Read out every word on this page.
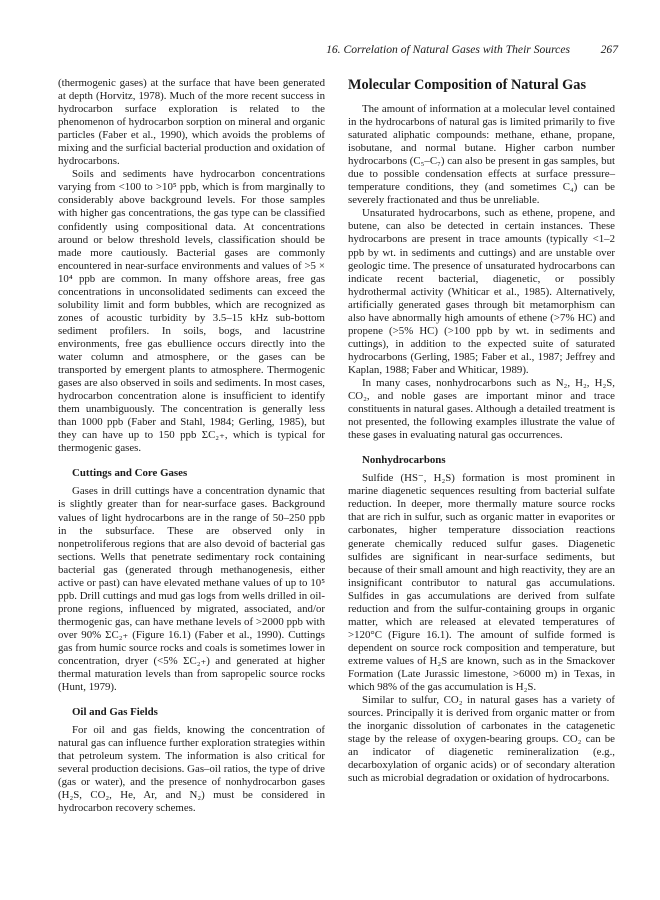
16. Correlation of Natural Gases with Their Sources	267

(thermogenic gases) at the surface that have been generated at depth (Horvitz, 1978). Much of the more recent success in hydrocarbon surface exploration is related to the phenomenon of hydrocarbon sorption on mineral and organic particles (Faber et al., 1990), which avoids the problems of mixing and the surficial bacterial production and oxidation of hydrocarbons.

Soils and sediments have hydrocarbon concentrations varying from <100 to >10⁵ ppb, which is from marginally to considerably above background levels. For those samples with higher gas concentrations, the gas type can be classified confidently using compositional data. At concentrations around or below threshold levels, classification should be made more cautiously. Bacterial gases are commonly encountered in near-surface environments and values of >5 × 10⁴ ppb are common. In many offshore areas, free gas concentrations in unconsolidated sediments can exceed the solubility limit and form bubbles, which are recognized as zones of acoustic turbidity by 3.5–15 kHz sub-bottom sediment profilers. In soils, bogs, and lacustrine environments, free gas ebullience occurs directly into the water column and atmosphere, or the gases can be transported by emergent plants to atmosphere. Thermogenic gases are also observed in soils and sediments. In most cases, hydrocarbon concentration alone is insufficient to identify them unambiguously. The concentration is generally less than 1000 ppb (Faber and Stahl, 1984; Gerling, 1985), but they can have up to 150 ppb ΣC₂₊, which is typical for thermogenic gases.

Cuttings and Core Gases

Gases in drill cuttings have a concentration dynamic that is slightly greater than for near-surface gases. Background values of light hydrocarbons are in the range of 50–250 ppb in the subsurface. These are observed only in nonpetroliferous regions that are also devoid of bacterial gas sections. Wells that penetrate sedimentary rock containing bacterial gas (generated through methanogenesis, either active or past) can have elevated methane values of up to 10⁵ ppb. Drill cuttings and mud gas logs from wells drilled in oil-prone regions, influenced by migrated, associated, and/or thermogenic gas, can have methane levels of >2000 ppb with over 90% ΣC₂₊ (Figure 16.1) (Faber et al., 1990). Cuttings gas from humic source rocks and coals is sometimes lower in concentration, dryer (<5% ΣC₂₊) and generated at higher thermal maturation levels than from sapropelic source rocks (Hunt, 1979).

Oil and Gas Fields

For oil and gas fields, knowing the concentration of natural gas can influence further exploration strategies within that petroleum system. The information is also critical for several production decisions. Gas–oil ratios, the type of drive (gas or water), and the presence of nonhydrocarbon gases (H₂S, CO₂, He, Ar, and N₂) must be considered in hydrocarbon recovery schemes.

Molecular Composition of Natural Gas

The amount of information at a molecular level contained in the hydrocarbons of natural gas is limited primarily to five saturated aliphatic compounds: methane, ethane, propane, isobutane, and normal butane. Higher carbon number hydrocarbons (C₅–C₇) can also be present in gas samples, but due to possible condensation effects at surface pressure–temperature conditions, they (and sometimes C₄) can be severely fractionated and thus be unreliable.

Unsaturated hydrocarbons, such as ethene, propene, and butene, can also be detected in certain instances. These hydrocarbons are present in trace amounts (typically <1–2 ppb by wt. in sediments and cuttings) and are unstable over geologic time. The presence of unsaturated hydrocarbons can indicate recent bacterial, diagenetic, or possibly hydrothermal activity (Whiticar et al., 1985). Alternatively, artificially generated gases through bit metamorphism can also have abnormally high amounts of ethene (>7% HC) and propene (>5% HC) (>100 ppb by wt. in sediments and cuttings), in addition to the expected suite of saturated hydrocarbons (Gerling, 1985; Faber et al., 1987; Jeffrey and Kaplan, 1988; Faber and Whiticar, 1989).

In many cases, nonhydrocarbons such as N₂, H₂, H₂S, CO₂, and noble gases are important minor and trace constituents in natural gases. Although a detailed treatment is not presented, the following examples illustrate the value of these gases in evaluating natural gas occurrences.

Nonhydrocarbons

Sulfide (HS⁻, H₂S) formation is most prominent in marine diagenetic sequences resulting from bacterial sulfate reduction. In deeper, more thermally mature source rocks that are rich in sulfur, such as organic matter in evaporites or carbonates, higher temperature dissociation reactions generate chemically reduced sulfur gases. Diagenetic sulfides are significant in near-surface sediments, but because of their small amount and high reactivity, they are an insignificant contributor to natural gas accumulations. Sulfides in gas accumulations are derived from sulfate reduction and from the sulfur-containing groups in organic matter, which are released at elevated temperatures of >120°C (Figure 16.1). The amount of sulfide formed is dependent on source rock composition and temperature, but extreme values of H₂S are known, such as in the Smackover Formation (Late Jurassic limestone, >6000 m) in Texas, in which 98% of the gas accumulation is H₂S.

Similar to sulfur, CO₂ in natural gases has a variety of sources. Principally it is derived from organic matter or from the inorganic dissolution of carbonates in the catagenetic stage by the release of oxygen-bearing groups. CO₂ can be an indicator of diagenetic remineralization (e.g., decarboxylation of organic acids) or of secondary alteration such as microbial degradation or oxidation of hydrocarbons.
